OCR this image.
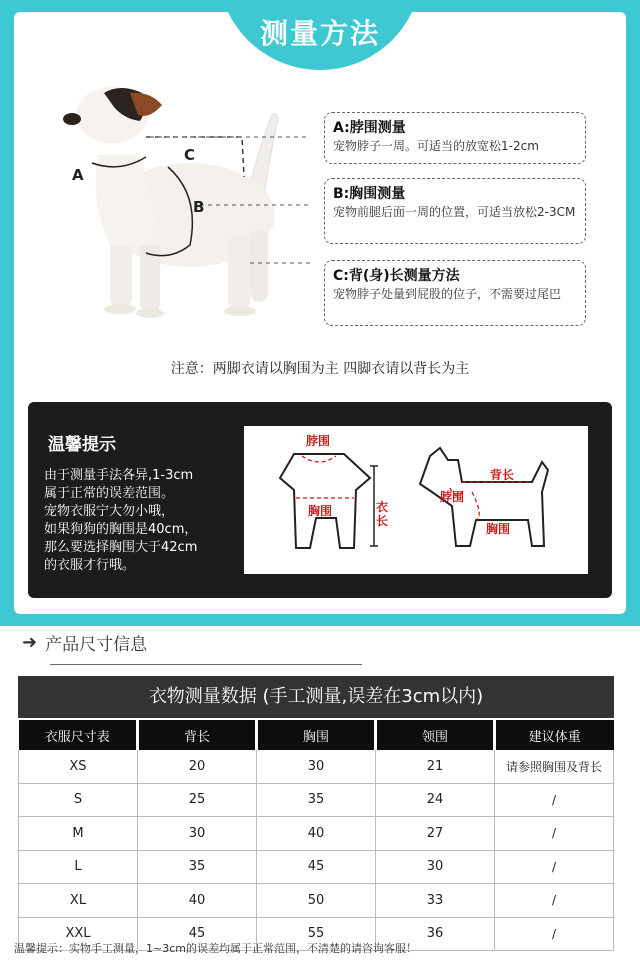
测量方法
A
B
C
A:脖围测量
宠物脖子一周。可适当的放宽松1-2cm
B:胸围测量
宠物前腿后面一周的位置，可适当放松2-3CM
C:背(身)长测量方法
宠物脖子处量到屁股的位子，不需要过尾巴
注意：两脚衣请以胸围为主 四脚衣请以背长为主
温馨提示
由于测量手法各异,1-3cm
属于正常的误差范围。
宠物衣服宁大勿小哦，
如果狗狗的胸围是40cm，
那么要选择胸围大于42cm
的衣服才行哦。
脖围
胸围	衣长
背长
脖围
胸围
➜ 产品尺寸信息
衣物测量数据 (手工测量,误差在3cm以内)
衣服尺寸表	背长	胸围	领围	建议体重
XS	20	30	21	请参照胸围及背长
S	25	35	24	/
M	30	40	27	/
L	35	45	30	/
XL	40	50	33	/
XXL	45	55	36	/
温馨提示：实物手工测量，1~3cm的误差均属于正常范围，不清楚的请咨询客服！
